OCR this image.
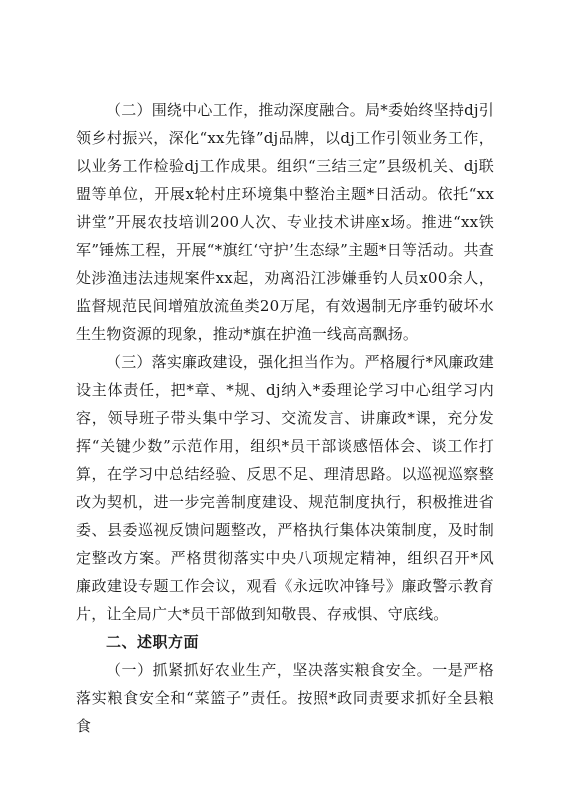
（二）围绕中心工作，推动深度融合。局*委始终坚持dj引领乡村振兴，深化“xx先锋”dj品牌，以dj工作引领业务工作，以业务工作检验dj工作成果。组织“三结三定”县级机关、dj联盟等单位，开展x轮村庄环境集中整治主题*日活动。依托“xx讲堂”开展农技培训200人次、专业技术讲座x场。推进“xx铁军”锤炼工程，开展“*旗红‘守护’生态绿”主题*日等活动。共查处涉渔违法违规案件xx起，劝离沿江涉嫌垂钓人员x00余人，监督规范民间增殖放流鱼类20万尾，有效遏制无序垂钓破坏水生生物资源的现象，推动*旗在护渔一线高高飘扬。

（三）落实廉政建设，强化担当作为。严格履行*风廉政建设主体责任，把*章、*规、dj纳入*委理论学习中心组学习内容，领导班子带头集中学习、交流发言、讲廉政*课，充分发挥“关键少数”示范作用，组织*员干部谈感悟体会、谈工作打算，在学习中总结经验、反思不足、理清思路。以巡视巡察整改为契机，进一步完善制度建设、规范制度执行，积极推进省委、县委巡视反馈问题整改，严格执行集体决策制度，及时制定整改方案。严格贯彻落实中央八项规定精神，组织召开*风廉政建设专题工作会议，观看《永远吹冲锋号》廉政警示教育片，让全局广大*员干部做到知敬畏、存戒惧、守底线。

二、述职方面

（一）抓紧抓好农业生产，坚决落实粮食安全。一是严格落实粮食安全和“菜篮子”责任。按照*政同责要求抓好全县粮食
